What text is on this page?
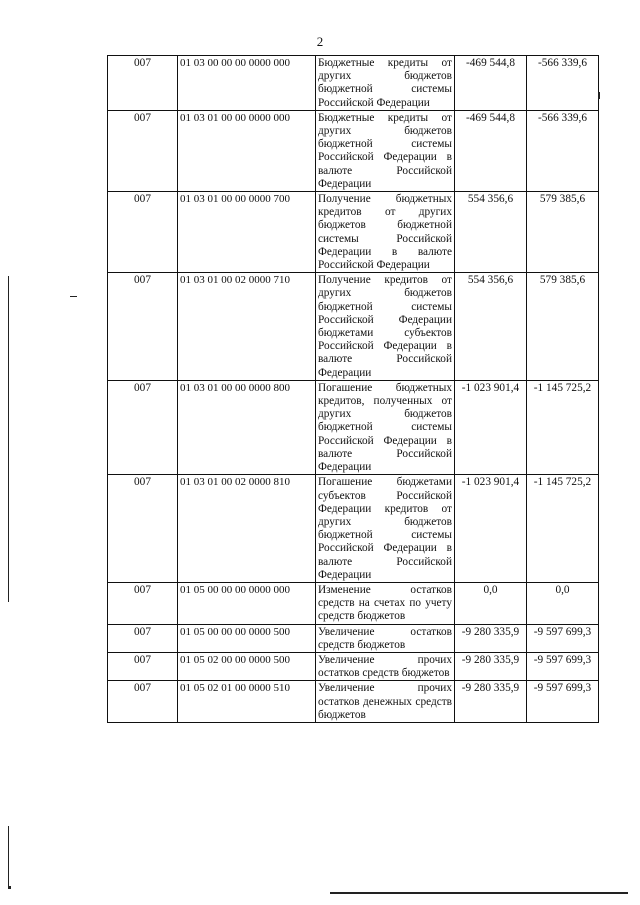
2
007	01 03 00 00 00 0000 000	Бюджетные кредиты от других бюджетов бюджетной системы Российской Федерации	-469 544,8	-566 339,6
007	01 03 01 00 00 0000 000	Бюджетные кредиты от других бюджетов бюджетной системы Российской Федерации в валюте Российской Федерации	-469 544,8	-566 339,6
007	01 03 01 00 00 0000 700	Получение бюджетных кредитов от других бюджетов бюджетной системы Российской Федерации в валюте Российской Федерации	554 356,6	579 385,6
007	01 03 01 00 02 0000 710	Получение кредитов от других бюджетов бюджетной системы Российской Федерации бюджетами субъектов Российской Федерации в валюте Российской Федерации	554 356,6	579 385,6
007	01 03 01 00 00 0000 800	Погашение бюджетных кредитов, полученных от других бюджетов бюджетной системы Российской Федерации в валюте Российской Федерации	-1 023 901,4	-1 145 725,2
007	01 03 01 00 02 0000 810	Погашение бюджетами субъектов Российской Федерации кредитов от других бюджетов бюджетной системы Российской Федерации в валюте Российской Федерации	-1 023 901,4	-1 145 725,2
007	01 05 00 00 00 0000 000	Изменение остатков средств на счетах по учету средств бюджетов	0,0	0,0
007	01 05 00 00 00 0000 500	Увеличение остатков средств бюджетов	-9 280 335,9	-9 597 699,3
007	01 05 02 00 00 0000 500	Увеличение прочих остатков средств бюджетов	-9 280 335,9	-9 597 699,3
007	01 05 02 01 00 0000 510	Увеличение прочих остатков денежных средств бюджетов	-9 280 335,9	-9 597 699,3
